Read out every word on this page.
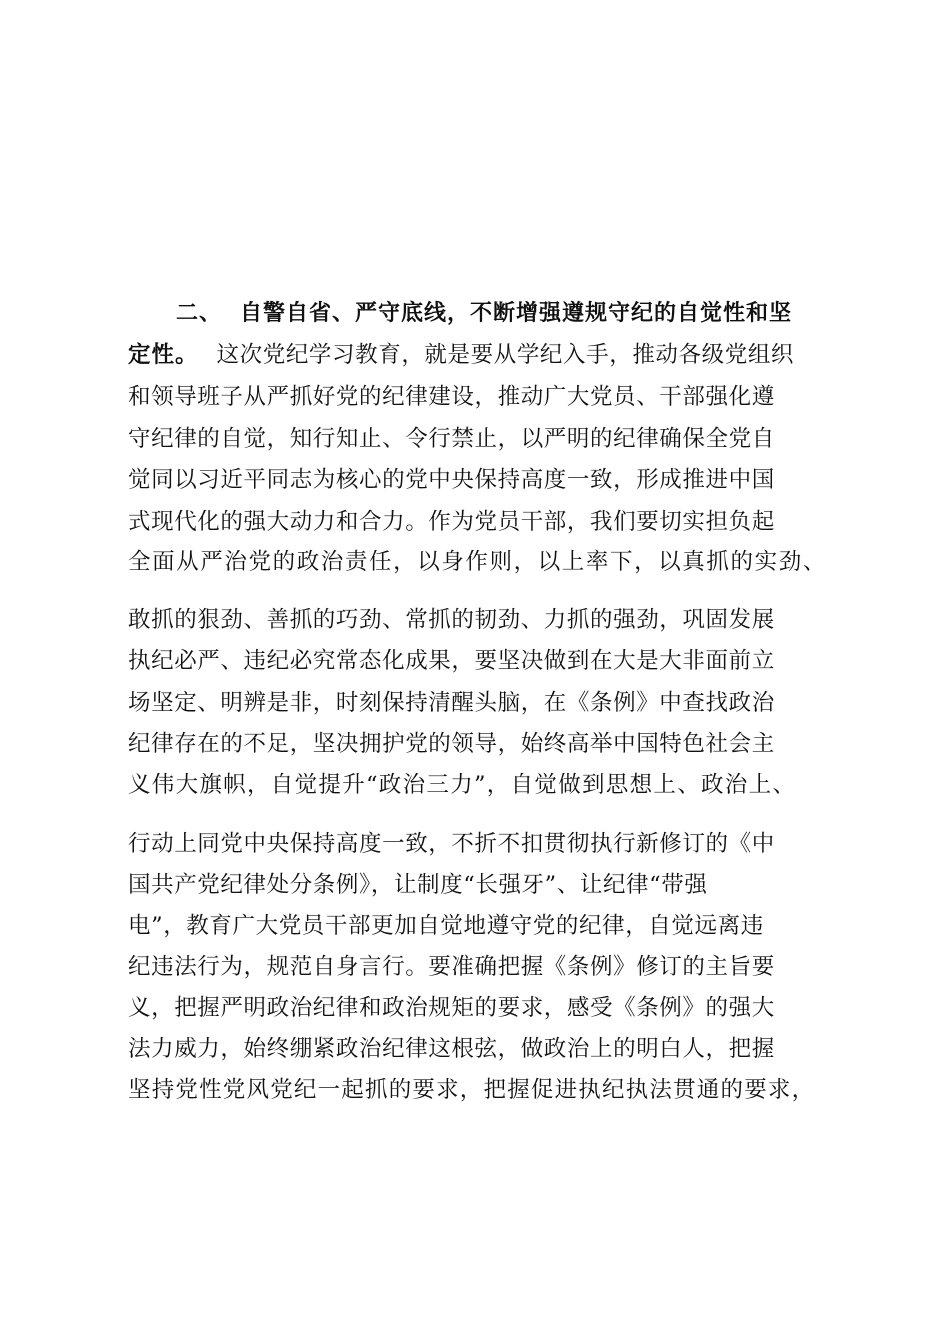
二、 自警自省、严守底线，不断增强遵规守纪的自觉性和坚
定性。 这次党纪学习教育，就是要从学纪入手，推动各级党组织
和领导班子从严抓好党的纪律建设，推动广大党员、干部强化遵
守纪律的自觉，知行知止、令行禁止，以严明的纪律确保全党自
觉同以习近平同志为核心的党中央保持高度一致，形成推进中国
式现代化的强大动力和合力。作为党员干部，我们要切实担负起
全面从严治党的政治责任，以身作则，以上率下，以真抓的实劲、
敢抓的狠劲、善抓的巧劲、常抓的韧劲、力抓的强劲，巩固发展
执纪必严、违纪必究常态化成果，要坚决做到在大是大非面前立
场坚定、明辨是非，时刻保持清醒头脑，在《条例》中查找政治
纪律存在的不足，坚决拥护党的领导，始终高举中国特色社会主
义伟大旗帜，自觉提升“政治三力”，自觉做到思想上、政治上、
行动上同党中央保持高度一致，不折不扣贯彻执行新修订的《中
国共产党纪律处分条例》，让制度“长强牙”、让纪律“带强
电”，教育广大党员干部更加自觉地遵守党的纪律，自觉远离违
纪违法行为，规范自身言行。要准确把握《条例》修订的主旨要
义，把握严明政治纪律和政治规矩的要求，感受《条例》的强大
法力威力，始终绷紧政治纪律这根弦，做政治上的明白人，把握
坚持党性党风党纪一起抓的要求，把握促进执纪执法贯通的要求，
